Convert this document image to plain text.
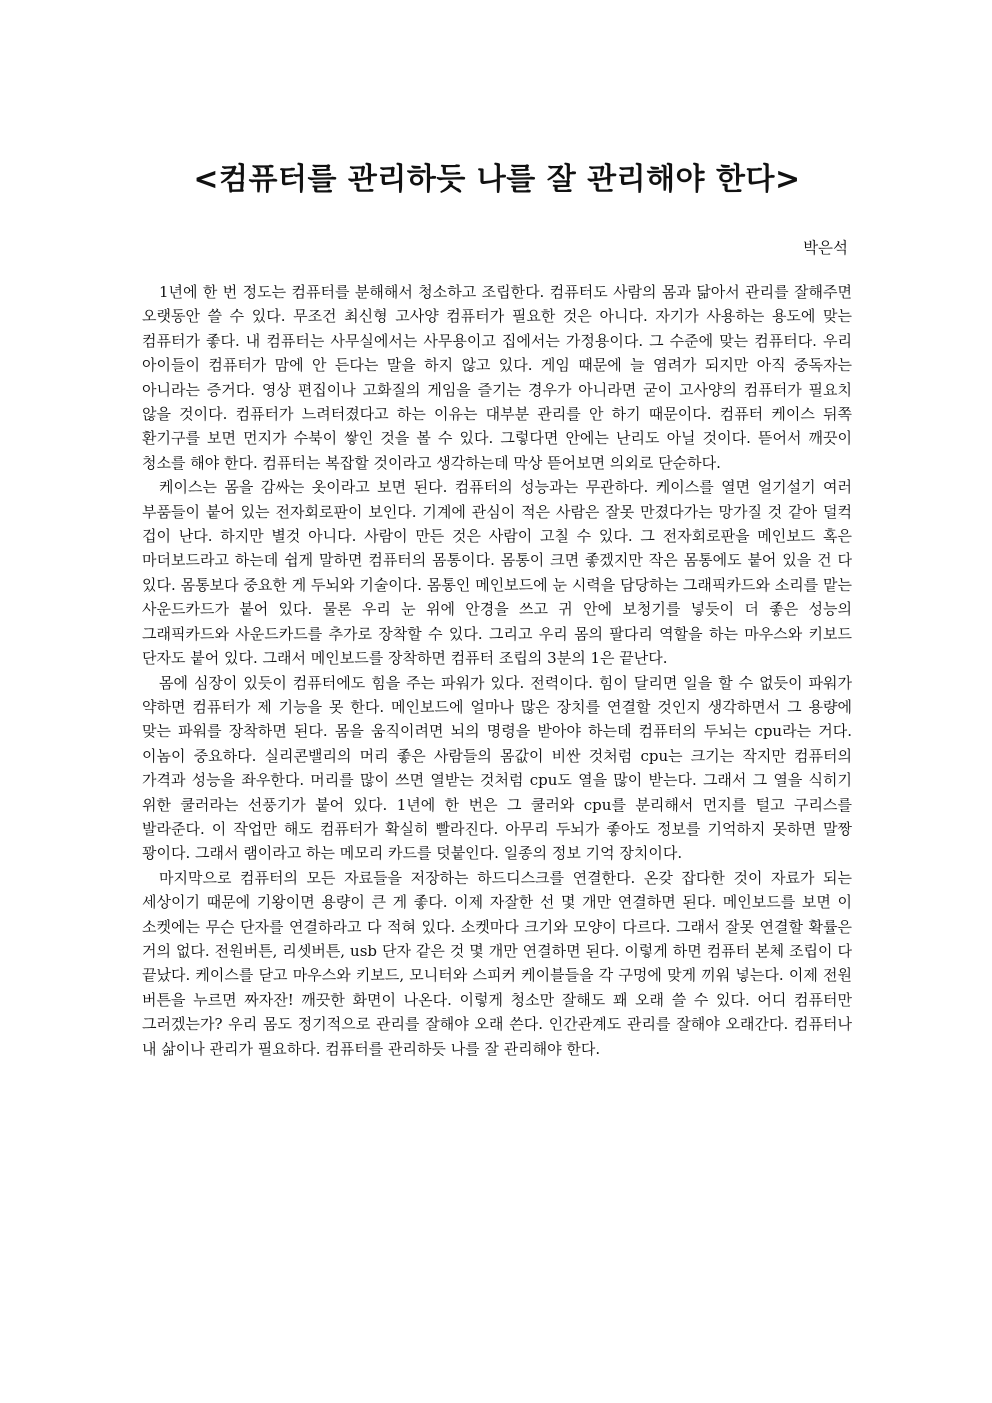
<컴퓨터를 관리하듯 나를 잘 관리해야 한다>
박은석

1년에 한 번 정도는 컴퓨터를 분해해서 청소하고 조립한다. 컴퓨터도 사람의 몸과 닮아서 관리를 잘해주면 오랫동안 쓸 수 있다. 무조건 최신형 고사양 컴퓨터가 필요한 것은 아니다. 자기가 사용하는 용도에 맞는 컴퓨터가 좋다. 내 컴퓨터는 사무실에서는 사무용이고 집에서는 가정용이다. 그 수준에 맞는 컴퓨터다. 우리 아이들이 컴퓨터가 맘에 안 든다는 말을 하지 않고 있다. 게임 때문에 늘 염려가 되지만 아직 중독자는 아니라는 증거다. 영상 편집이나 고화질의 게임을 즐기는 경우가 아니라면 굳이 고사양의 컴퓨터가 필요치 않을 것이다. 컴퓨터가 느려터졌다고 하는 이유는 대부분 관리를 안 하기 때문이다. 컴퓨터 케이스 뒤쪽 환기구를 보면 먼지가 수북이 쌓인 것을 볼 수 있다. 그렇다면 안에는 난리도 아닐 것이다. 뜯어서 깨끗이 청소를 해야 한다. 컴퓨터는 복잡할 것이라고 생각하는데 막상 뜯어보면 의외로 단순하다.

케이스는 몸을 감싸는 옷이라고 보면 된다. 컴퓨터의 성능과는 무관하다. 케이스를 열면 얼기설기 여러 부품들이 붙어 있는 전자회로판이 보인다. 기계에 관심이 적은 사람은 잘못 만졌다가는 망가질 것 같아 덜컥 겁이 난다. 하지만 별것 아니다. 사람이 만든 것은 사람이 고칠 수 있다. 그 전자회로판을 메인보드 혹은 마더보드라고 하는데 쉽게 말하면 컴퓨터의 몸통이다. 몸통이 크면 좋겠지만 작은 몸통에도 붙어 있을 건 다 있다. 몸통보다 중요한 게 두뇌와 기술이다. 몸통인 메인보드에 눈 시력을 담당하는 그래픽카드와 소리를 맡는 사운드카드가 붙어 있다. 물론 우리 눈 위에 안경을 쓰고 귀 안에 보청기를 넣듯이 더 좋은 성능의 그래픽카드와 사운드카드를 추가로 장착할 수 있다. 그리고 우리 몸의 팔다리 역할을 하는 마우스와 키보드 단자도 붙어 있다. 그래서 메인보드를 장착하면 컴퓨터 조립의 3분의 1은 끝난다.

몸에 심장이 있듯이 컴퓨터에도 힘을 주는 파워가 있다. 전력이다. 힘이 달리면 일을 할 수 없듯이 파워가 약하면 컴퓨터가 제 기능을 못 한다. 메인보드에 얼마나 많은 장치를 연결할 것인지 생각하면서 그 용량에 맞는 파워를 장착하면 된다. 몸을 움직이려면 뇌의 명령을 받아야 하는데 컴퓨터의 두뇌는 cpu라는 거다. 이놈이 중요하다. 실리콘밸리의 머리 좋은 사람들의 몸값이 비싼 것처럼 cpu는 크기는 작지만 컴퓨터의 가격과 성능을 좌우한다. 머리를 많이 쓰면 열받는 것처럼 cpu도 열을 많이 받는다. 그래서 그 열을 식히기 위한 쿨러라는 선풍기가 붙어 있다. 1년에 한 번은 그 쿨러와 cpu를 분리해서 먼지를 털고 구리스를 발라준다. 이 작업만 해도 컴퓨터가 확실히 빨라진다. 아무리 두뇌가 좋아도 정보를 기억하지 못하면 말짱 꽝이다. 그래서 램이라고 하는 메모리 카드를 덧붙인다. 일종의 정보 기억 장치이다.

마지막으로 컴퓨터의 모든 자료들을 저장하는 하드디스크를 연결한다. 온갖 잡다한 것이 자료가 되는 세상이기 때문에 기왕이면 용량이 큰 게 좋다. 이제 자잘한 선 몇 개만 연결하면 된다. 메인보드를 보면 이 소켓에는 무슨 단자를 연결하라고 다 적혀 있다. 소켓마다 크기와 모양이 다르다. 그래서 잘못 연결할 확률은 거의 없다. 전원버튼, 리셋버튼, usb 단자 같은 것 몇 개만 연결하면 된다. 이렇게 하면 컴퓨터 본체 조립이 다 끝났다. 케이스를 닫고 마우스와 키보드, 모니터와 스피커 케이블들을 각 구멍에 맞게 끼워 넣는다. 이제 전원 버튼을 누르면 짜자잔! 깨끗한 화면이 나온다. 이렇게 청소만 잘해도 꽤 오래 쓸 수 있다. 어디 컴퓨터만 그러겠는가? 우리 몸도 정기적으로 관리를 잘해야 오래 쓴다. 인간관계도 관리를 잘해야 오래간다. 컴퓨터나 내 삶이나 관리가 필요하다. 컴퓨터를 관리하듯 나를 잘 관리해야 한다.
